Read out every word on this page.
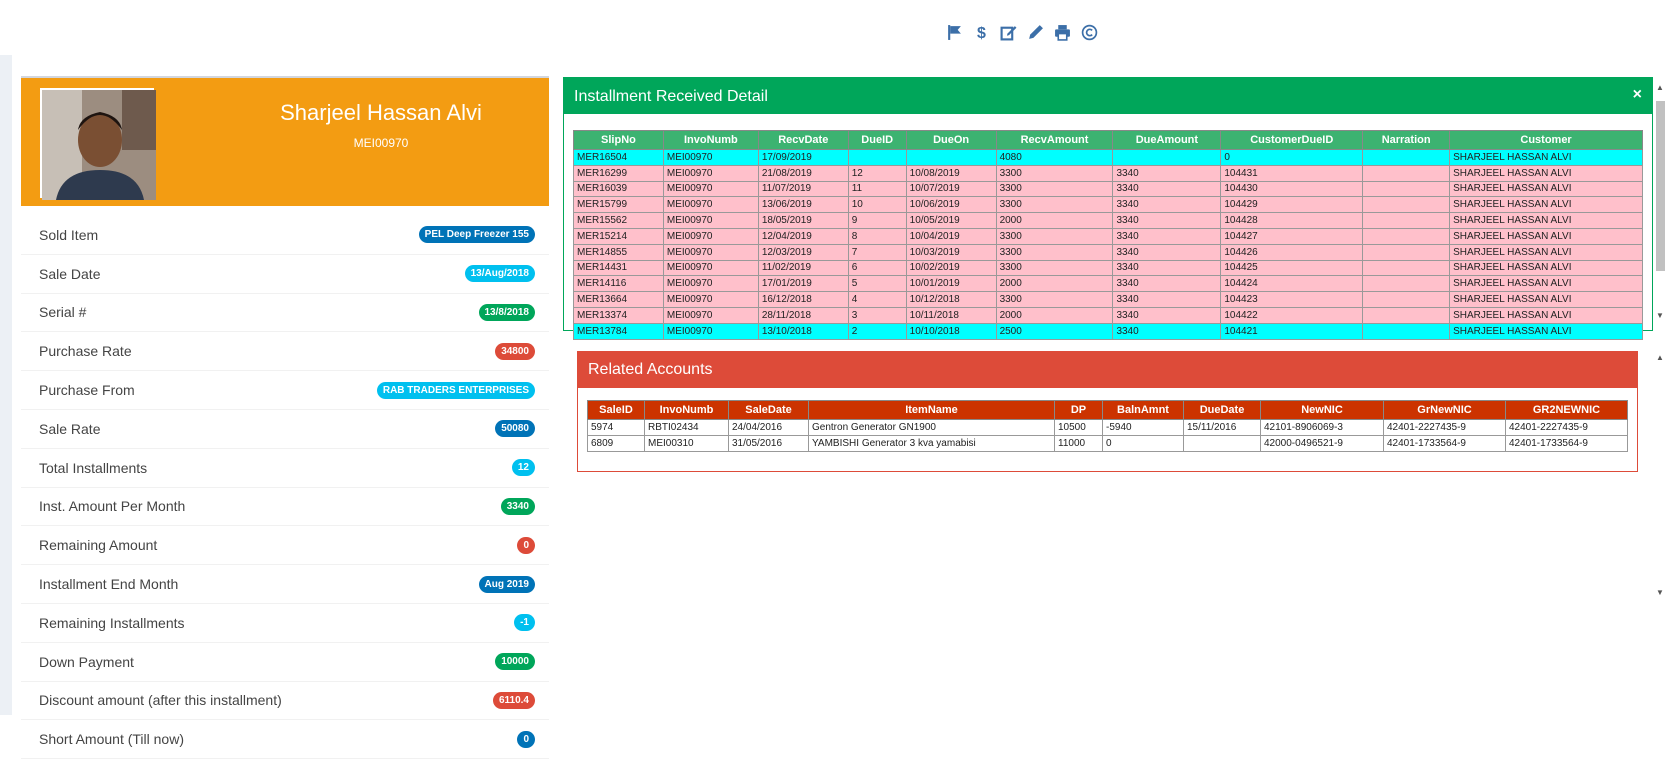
$
Sharjeel Hassan Alvi
MEI00970
Sold Item	PEL Deep Freezer 155
Sale Date	13/Aug/2018
Serial #	13/8/2018
Purchase Rate	34800
Purchase From	RAB TRADERS ENTERPRISES
Sale Rate	50080
Total Installments	12
Inst. Amount Per Month	3340
Remaining Amount	0
Installment End Month	Aug 2019
Remaining Installments	-1
Down Payment	10000
Discount amount (after this installment)	6110.4
Short Amount (Till now)	0
Installment Received Detail	×
SlipNo	InvoNumb	RecvDate	DueID	DueOn	RecvAmount	DueAmount	CustomerDueID	Narration	Customer
MER16504	MEI00970	17/09/2019			4080		0		SHARJEEL HASSAN ALVI
MER16299	MEI00970	21/08/2019	12	10/08/2019	3300	3340	104431		SHARJEEL HASSAN ALVI
MER16039	MEI00970	11/07/2019	11	10/07/2019	3300	3340	104430		SHARJEEL HASSAN ALVI
MER15799	MEI00970	13/06/2019	10	10/06/2019	3300	3340	104429		SHARJEEL HASSAN ALVI
MER15562	MEI00970	18/05/2019	9	10/05/2019	2000	3340	104428		SHARJEEL HASSAN ALVI
MER15214	MEI00970	12/04/2019	8	10/04/2019	3300	3340	104427		SHARJEEL HASSAN ALVI
MER14855	MEI00970	12/03/2019	7	10/03/2019	3300	3340	104426		SHARJEEL HASSAN ALVI
MER14431	MEI00970	11/02/2019	6	10/02/2019	3300	3340	104425		SHARJEEL HASSAN ALVI
MER14116	MEI00970	17/01/2019	5	10/01/2019	2000	3340	104424		SHARJEEL HASSAN ALVI
MER13664	MEI00970	16/12/2018	4	10/12/2018	3300	3340	104423		SHARJEEL HASSAN ALVI
MER13374	MEI00970	28/11/2018	3	10/11/2018	2000	3340	104422		SHARJEEL HASSAN ALVI
MER13784	MEI00970	13/10/2018	2	10/10/2018	2500	3340	104421		SHARJEEL HASSAN ALVI
Related Accounts
SaleID	InvoNumb	SaleDate	ItemName	DP	BalnAmnt	DueDate	NewNIC	GrNewNIC	GR2NEWNIC
5974	RBTI02434	24/04/2016	Gentron Generator GN1900	10500	-5940	15/11/2016	42101-8906069-3	42401-2227435-9	42401-2227435-9
6809	MEI00310	31/05/2016	YAMBISHI Generator 3 kva yamabisi	11000	0		42000-0496521-9	42401-1733564-9	42401-1733564-9
▲
▼
▲
▼
